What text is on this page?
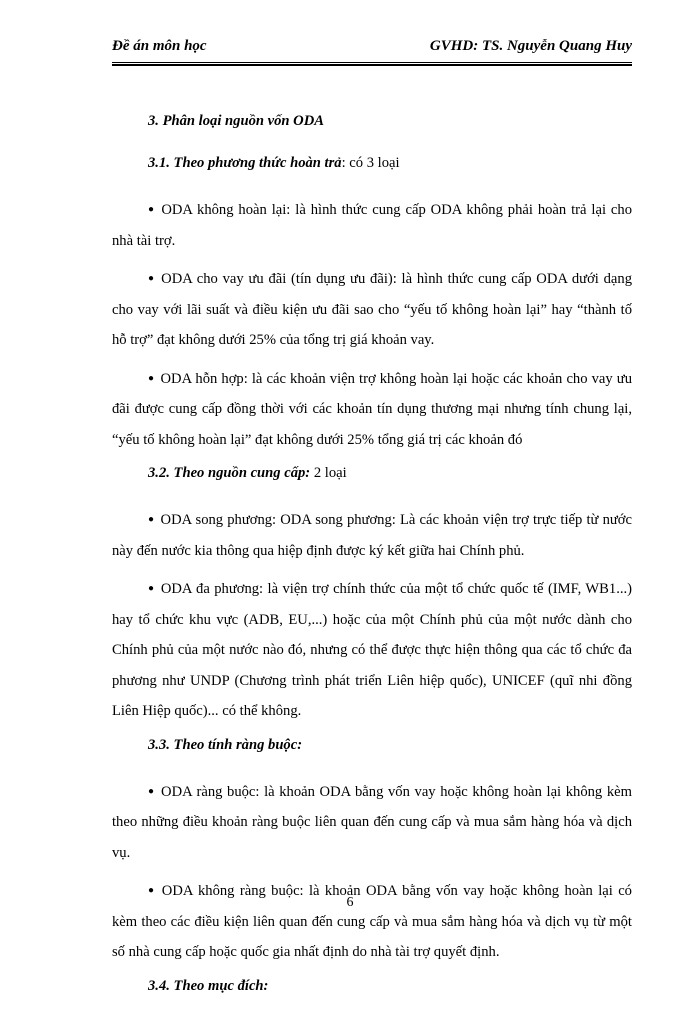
Đề án môn học	GVHD: TS. Nguyễn Quang Huy
3. Phân loại nguồn vốn ODA
3.1. Theo phương thức hoàn trả: có 3 loại
● ODA không hoàn lại: là hình thức cung cấp ODA không phải hoàn trả lại cho nhà tài trợ.
● ODA cho vay ưu đãi (tín dụng ưu đãi): là hình thức cung cấp ODA dưới dạng cho vay với lãi suất và điều kiện ưu đãi sao cho “yếu tố không hoàn lại” hay “thành tố hỗ trợ” đạt không dưới 25% của tổng trị giá khoản vay.
● ODA hỗn hợp: là các khoản viện trợ không hoàn lại hoặc các khoản cho vay ưu đãi được cung cấp đồng thời với các khoản tín dụng thương mại nhưng tính chung lại, “yếu tố không hoàn lại” đạt không dưới 25% tổng giá trị các khoản đó
3.2. Theo nguồn cung cấp: 2 loại
● ODA song phương: ODA song phương: Là các khoản viện trợ trực tiếp từ nước này đến nước kia thông qua hiệp định được ký kết giữa hai Chính phủ.
● ODA đa phương: là viện trợ chính thức của một tổ chức quốc tế (IMF, WB1...) hay tổ chức khu vực (ADB, EU,...) hoặc của một Chính phủ của một nước dành cho Chính phủ của một nước nào đó, nhưng có thể được thực hiện thông qua các tổ chức đa phương như UNDP (Chương trình phát triển Liên hiệp quốc), UNICEF (quĩ nhi đồng Liên Hiệp quốc)... có thể không.
3.3. Theo tính ràng buộc:
● ODA ràng buộc: là khoản ODA bằng vốn vay hoặc không hoàn lại không kèm theo những điều khoản ràng buộc liên quan đến cung cấp và mua sắm hàng hóa và dịch vụ.
● ODA không ràng buộc: là khoản ODA bằng vốn vay hoặc không hoàn lại có kèm theo các điều kiện liên quan đến cung cấp và mua sắm hàng hóa và dịch vụ từ một số nhà cung cấp hoặc quốc gia nhất định do nhà tài trợ quyết định.
3.4. Theo mục đích:
6
